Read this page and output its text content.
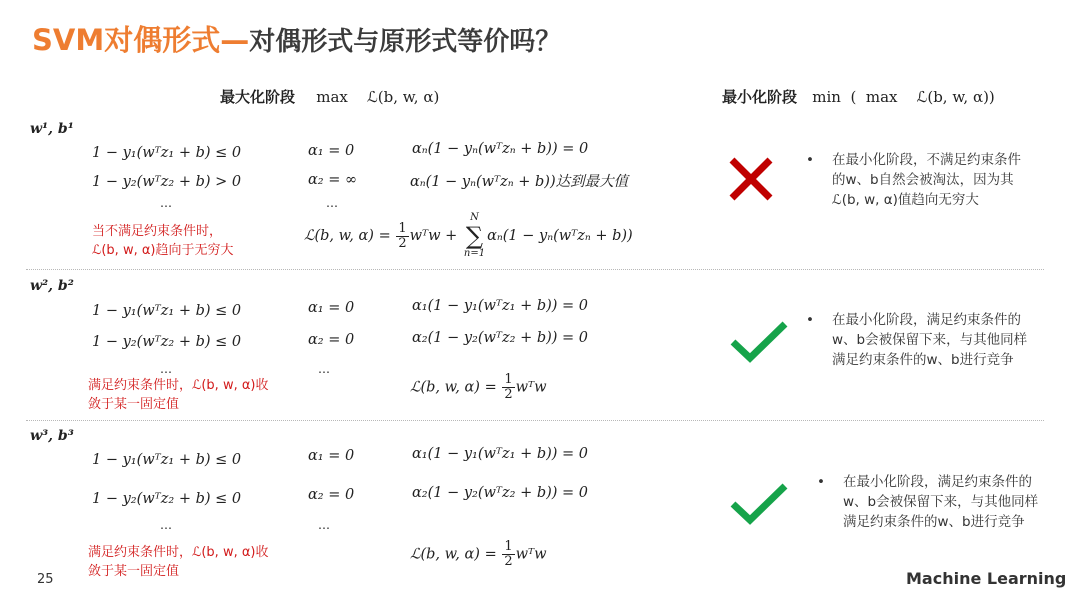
SVM对偶形式—对偶形式与原形式等价吗？
最大化阶段 max    ℒ(b, w, α)	最小化阶段 min  (  max    ℒ(b, w, α))
w¹, b¹
1 − y₁(wᵀz₁ + b) ≤ 0
1 − y₂(wᵀz₂ + b) > 0
…
α₁ = 0
α₂ = ∞
…
αₙ(1 − yₙ(wᵀzₙ + b)) = 0
αₙ(1 − yₙ(wᵀzₙ + b))达到最大值
当不满足约束条件时，ℒ(b, w, α)趋向于无穷大
ℒ(b, w, $\alpha) = \frac{1}{2}$ wᵀw +
N
∑
n=1
αₙ(1 − yₙ(wᵀzₙ + b))
• 在最小化阶段，不满足约束条件的w、b自然会被淘汰，因为其ℒ(b, w, α)值趋向无穷大
w², b²
1 − y₁(wᵀz₁ + b) ≤ 0
1 − y₂(wᵀz₂ + b) ≤ 0
…
α₁ = 0
α₂ = 0
…
α₁(1 − y₁(wᵀz₁ + b)) = 0
α₂(1 − y₂(wᵀz₂ + b)) = 0
满足约束条件时，ℒ(b, w, α)收敛于某一固定值
ℒ(b, w, $\alpha) = \frac{1}{2}$ wᵀw
• 在最小化阶段，满足约束条件的w、b会被保留下来，与其他同样满足约束条件的w、b进行竞争
w³, b³
1 − y₁(wᵀz₁ + b) ≤ 0
1 − y₂(wᵀz₂ + b) ≤ 0
…
α₁ = 0
α₂ = 0
…
α₁(1 − y₁(wᵀz₁ + b)) = 0
α₂(1 − y₂(wᵀz₂ + b)) = 0
满足约束条件时，ℒ(b, w, α)收敛于某一固定值
ℒ(b, w, $\alpha) = \frac{1}{2}$ wᵀw
• 在最小化阶段，满足约束条件的w、b会被保留下来，与其他同样满足约束条件的w、b进行竞争
25	Machine Learning
